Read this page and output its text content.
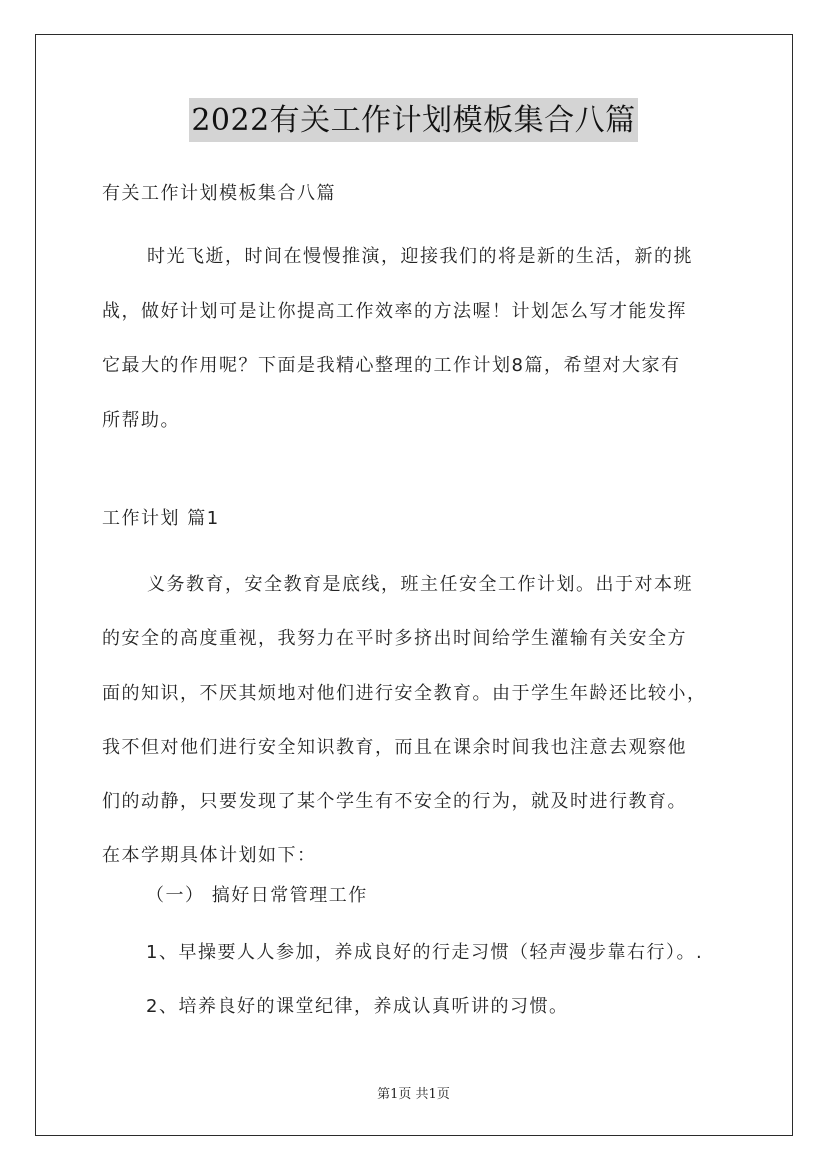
2022有关工作计划模板集合八篇

有关工作计划模板集合八篇

时光飞逝，时间在慢慢推演，迎接我们的将是新的生活，新的挑
战，做好计划可是让你提高工作效率的方法喔！计划怎么写才能发挥
它最大的作用呢？下面是我精心整理的工作计划8篇，希望对大家有
所帮助。

工作计划 篇1

义务教育，安全教育是底线，班主任安全工作计划。出于对本班
的安全的高度重视，我努力在平时多挤出时间给学生灌输有关安全方
面的知识，不厌其烦地对他们进行安全教育。由于学生年龄还比较小，
我不但对他们进行安全知识教育，而且在课余时间我也注意去观察他
们的动静，只要发现了某个学生有不安全的行为，就及时进行教育。
在本学期具体计划如下：

（一） 搞好日常管理工作

1、早操要人人参加，养成良好的行走习惯（轻声漫步靠右行）。.

2、培养良好的课堂纪律，养成认真听讲的习惯。

第1页 共1页
